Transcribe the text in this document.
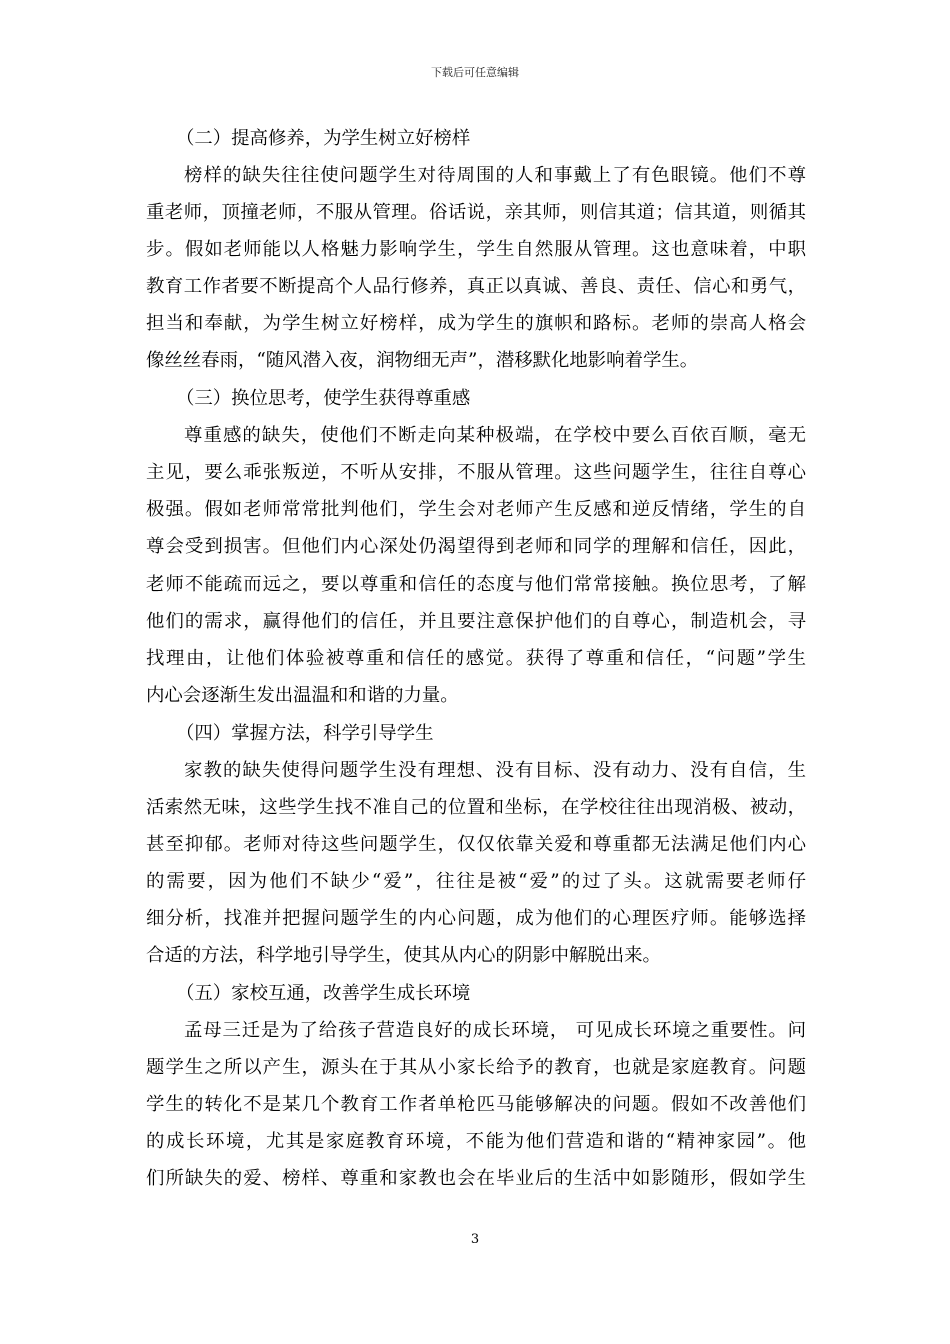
下载后可任意编辑
（二）提高修养，为学生树立好榜样
榜样的缺失往往使问题学生对待周围的人和事戴上了有色眼镜。他们不尊
重老师，顶撞老师，不服从管理。俗话说，亲其师，则信其道；信其道，则循其
步。假如老师能以人格魅力影响学生，学生自然服从管理。这也意味着，中职
教育工作者要不断提高个人品行修养，真正以真诚、善良、责任、信心和勇气，
担当和奉献，为学生树立好榜样，成为学生的旗帜和路标。老师的崇高人格会
像丝丝春雨，“随风潜入夜，润物细无声”，潜移默化地影响着学生。
（三）换位思考，使学生获得尊重感
尊重感的缺失，使他们不断走向某种极端，在学校中要么百依百顺，毫无
主见，要么乖张叛逆，不听从安排，不服从管理。这些问题学生，往往自尊心
极强。假如老师常常批判他们，学生会对老师产生反感和逆反情绪，学生的自
尊会受到损害。但他们内心深处仍渴望得到老师和同学的理解和信任，因此，
老师不能疏而远之，要以尊重和信任的态度与他们常常接触。换位思考，了解
他们的需求，赢得他们的信任，并且要注意保护他们的自尊心，制造机会，寻
找理由，让他们体验被尊重和信任的感觉。获得了尊重和信任，“问题”学生
内心会逐渐生发出温温和和谐的力量。
（四）掌握方法，科学引导学生
家教的缺失使得问题学生没有理想、没有目标、没有动力、没有自信，生
活索然无味，这些学生找不准自己的位置和坐标，在学校往往出现消极、被动，
甚至抑郁。老师对待这些问题学生，仅仅依靠关爱和尊重都无法满足他们内心
的需要，因为他们不缺少“爱”，往往是被“爱”的过了头。这就需要老师仔
细分析，找准并把握问题学生的内心问题，成为他们的心理医疗师。能够选择
合适的方法，科学地引导学生，使其从内心的阴影中解脱出来。
（五）家校互通，改善学生成长环境
孟母三迁是为了给孩子营造良好的成长环境， 可见成长环境之重要性。问
题学生之所以产生，源头在于其从小家长给予的教育，也就是家庭教育。问题
学生的转化不是某几个教育工作者单枪匹马能够解决的问题。假如不改善他们
的成长环境，尤其是家庭教育环境，不能为他们营造和谐的“精神家园”。他
们所缺失的爱、榜样、尊重和家教也会在毕业后的生活中如影随形，假如学生
3
